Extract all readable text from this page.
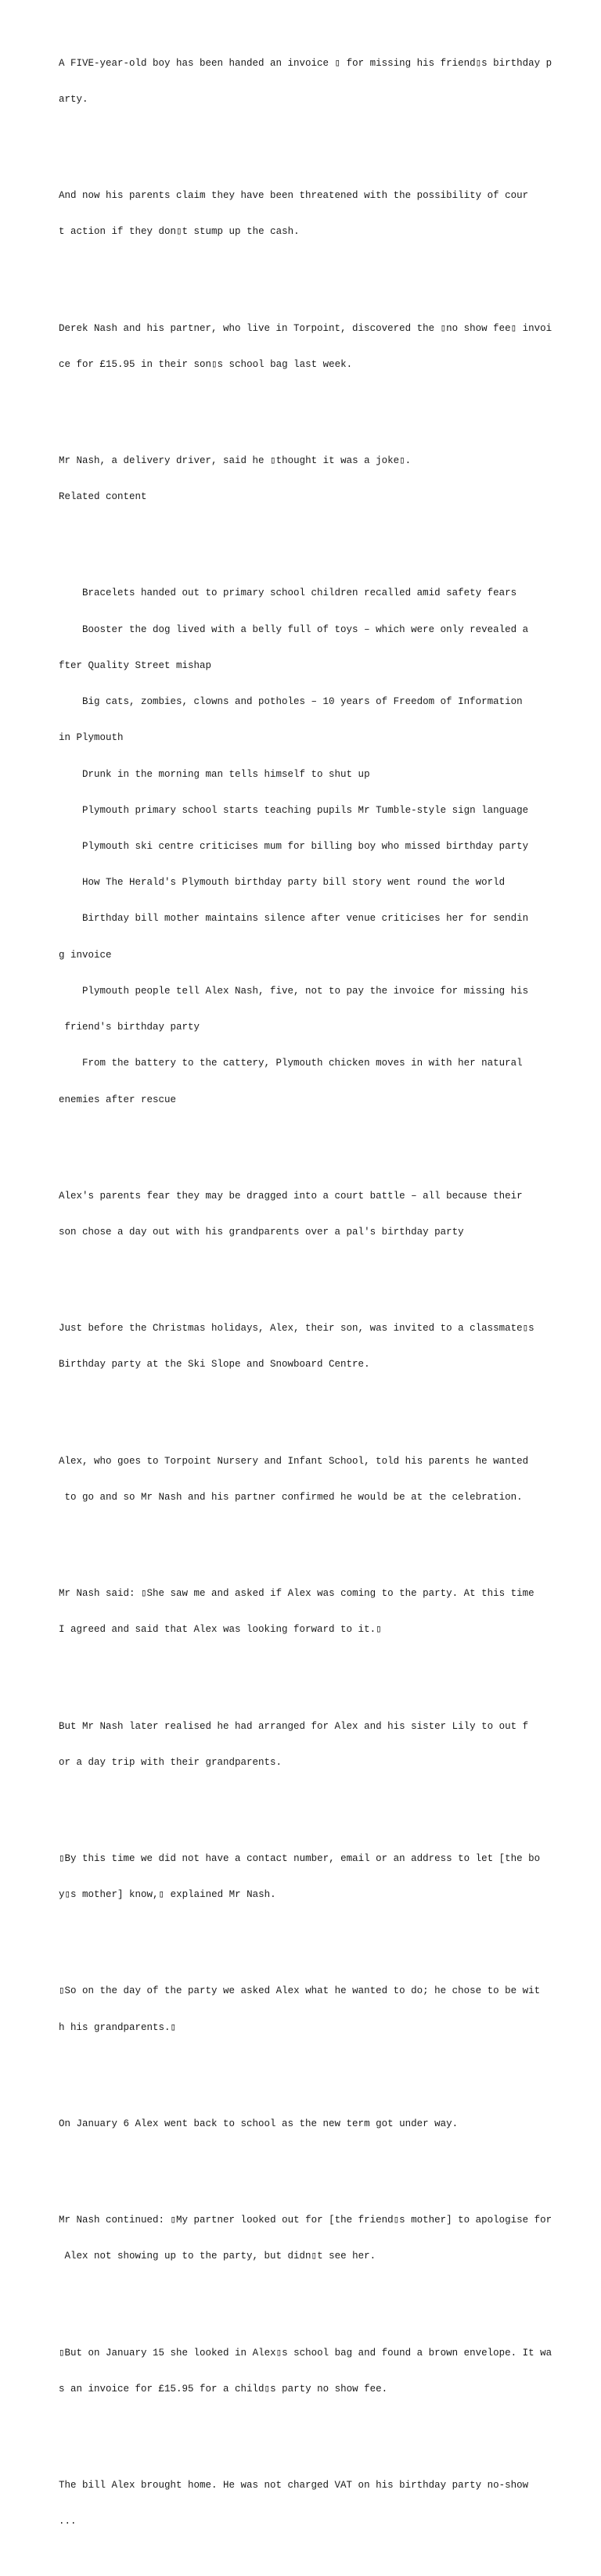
A FIVE-year-old boy has been handed an invoice ▯ for missing his friend▯s birthday p

arty.

And now his parents claim they have been threatened with the possibility of cour

t action if they don▯t stump up the cash.

Derek Nash and his partner, who live in Torpoint, discovered the ▯no show fee▯ invoi

ce for £15.95 in their son▯s school bag last week.

Mr Nash, a delivery driver, said he ▯thought it was a joke▯.

Related content

Bracelets handed out to primary school children recalled amid safety fears

Booster the dog lived with a belly full of toys – which were only revealed a

fter Quality Street mishap

Big cats, zombies, clowns and potholes – 10 years of Freedom of Information

in Plymouth

Drunk in the morning man tells himself to shut up

Plymouth primary school starts teaching pupils Mr Tumble-style sign language

Plymouth ski centre criticises mum for billing boy who missed birthday party

How The Herald's Plymouth birthday party bill story went round the world

Birthday bill mother maintains silence after venue criticises her for sendin

g invoice

Plymouth people tell Alex Nash, five, not to pay the invoice for missing his

friend's birthday party

From the battery to the cattery, Plymouth chicken moves in with her natural

enemies after rescue

Alex's parents fear they may be dragged into a court battle – all because their

son chose a day out with his grandparents over a pal's birthday party

Just before the Christmas holidays, Alex, their son, was invited to a classmate▯s

Birthday party at the Ski Slope and Snowboard Centre.

Alex, who goes to Torpoint Nursery and Infant School, told his parents he wanted

to go and so Mr Nash and his partner confirmed he would be at the celebration.

Mr Nash said: ▯She saw me and asked if Alex was coming to the party. At this time

I agreed and said that Alex was looking forward to it.▯

But Mr Nash later realised he had arranged for Alex and his sister Lily to out f

or a day trip with their grandparents.

▯By this time we did not have a contact number, email or an address to let [the bo

y▯s mother] know,▯ explained Mr Nash.

▯So on the day of the party we asked Alex what he wanted to do; he chose to be wit

h his grandparents.▯

On January 6 Alex went back to school as the new term got under way.

Mr Nash continued: ▯My partner looked out for [the friend▯s mother] to apologise for

Alex not showing up to the party, but didn▯t see her.

▯But on January 15 she looked in Alex▯s school bag and found a brown envelope. It wa

s an invoice for £15.95 for a child▯s party no show fee.

The bill Alex brought home. He was not charged VAT on his birthday party no-show

...
